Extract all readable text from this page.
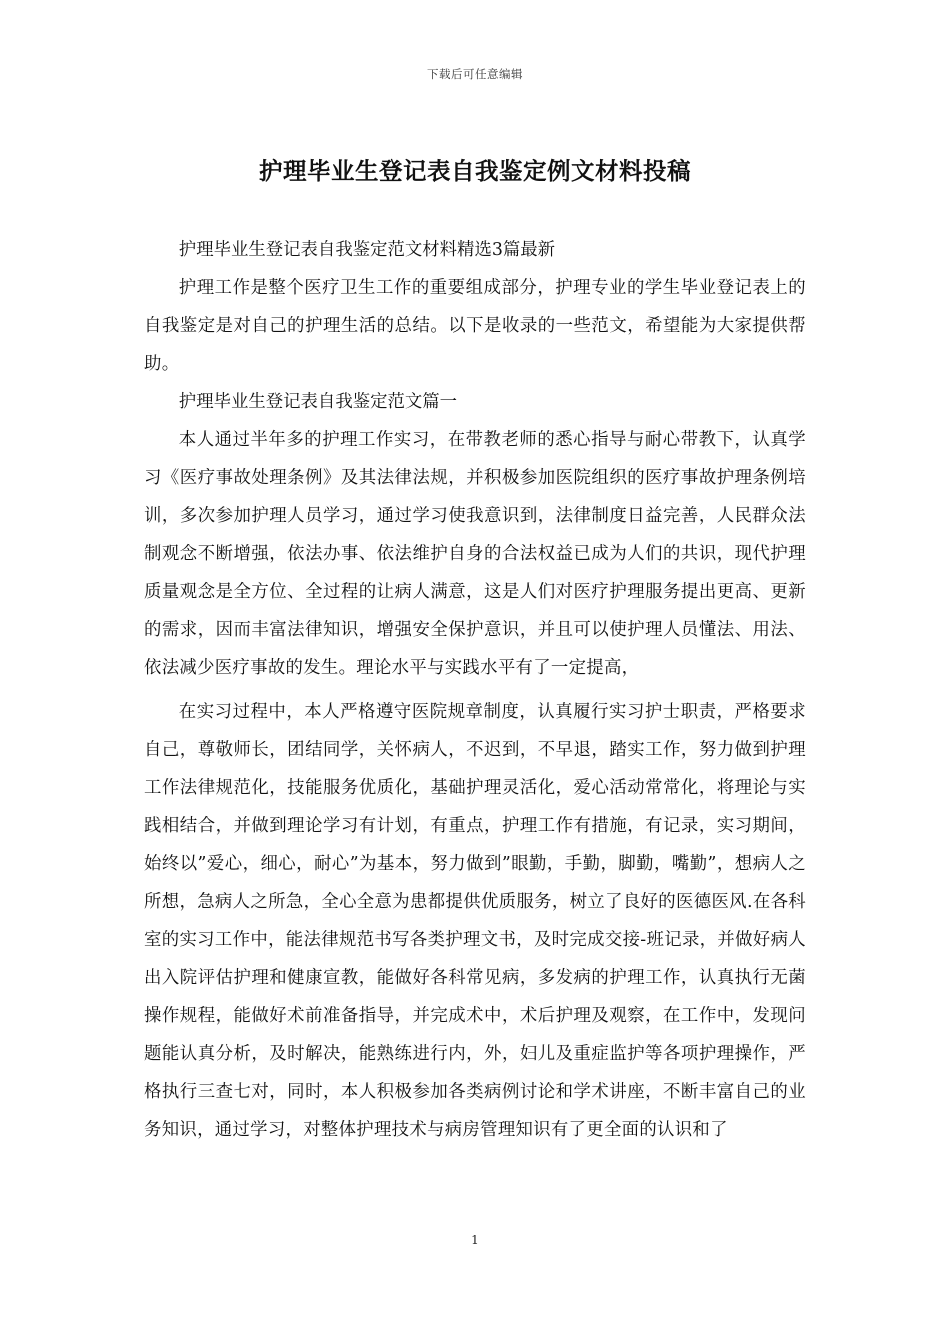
下载后可任意编辑
护理毕业生登记表自我鉴定例文材料投稿

护理毕业生登记表自我鉴定范文材料精选3篇最新

护理工作是整个医疗卫生工作的重要组成部分，护理专业的学生毕业登记表上的自我鉴定是对自己的护理生活的总结。以下是收录的一些范文，希望能为大家提供帮助。

护理毕业生登记表自我鉴定范文篇一

本人通过半年多的护理工作实习，在带教老师的悉心指导与耐心带教下，认真学习《医疗事故处理条例》及其法律法规，并积极参加医院组织的医疗事故护理条例培训，多次参加护理人员学习，通过学习使我意识到，法律制度日益完善，人民群众法制观念不断增强，依法办事、依法维护自身的合法权益已成为人们的共识，现代护理质量观念是全方位、全过程的让病人满意，这是人们对医疗护理服务提出更高、更新的需求，因而丰富法律知识，增强安全保护意识，并且可以使护理人员懂法、用法、依法减少医疗事故的发生。理论水平与实践水平有了一定提高，

在实习过程中，本人严格遵守医院规章制度，认真履行实习护士职责，严格要求自己，尊敬师长，团结同学，关怀病人，不迟到，不早退，踏实工作，努力做到护理工作法律规范化，技能服务优质化，基础护理灵活化，爱心活动常常化，将理论与实践相结合，并做到理论学习有计划，有重点，护理工作有措施，有记录，实习期间，始终以”爱心，细心，耐心”为基本，努力做到”眼勤，手勤，脚勤，嘴勤”，想病人之所想，急病人之所急，全心全意为患都提供优质服务，树立了良好的医德医风.在各科室的实习工作中，能法律规范书写各类护理文书，及时完成交接-班记录，并做好病人出入院评估护理和健康宣教，能做好各科常见病，多发病的护理工作，认真执行无菌操作规程，能做好术前准备指导，并完成术中，术后护理及观察，在工作中，发现问题能认真分析，及时解决，能熟练进行内，外，妇儿及重症监护等各项护理操作，严格执行三查七对，同时，本人积极参加各类病例讨论和学术讲座，不断丰富自己的业务知识，通过学习，对整体护理技术与病房管理知识有了更全面的认识和了

1
